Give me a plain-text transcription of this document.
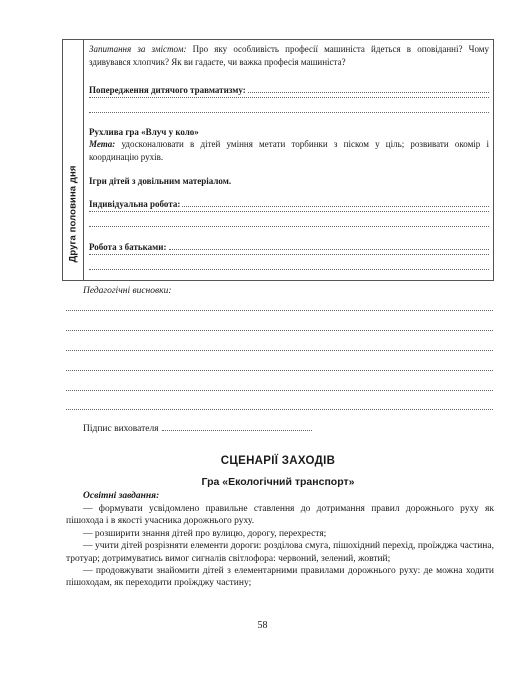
Друга половина дня
Запитання за змістом: Про яку особливість професії машиніста йдеться в оповіданні? Чому здивувався хлопчик? Як ви гадаєте, чи важка професія машиніста?
Попередження дитячого травматизму:
Рухлива гра «Влуч у коло»
Мета: удосконалювати в дітей уміння метати торбинки з піском у ціль; розвивати окомір і координацію рухів.
Ігри дітей з довільним матеріалом.
Індивідуальна робота:
Робота з батьками:
Педагогічні висновки:
Підпис вихователя
СЦЕНАРІЇ ЗАХОДІВ
Гра «Екологічний транспорт»
Освітні завдання:

— формувати усвідомлено правильне ставлення до дотримання правил дорожнього руху як пішохода і в якості учасника дорожнього руху.

— розширити знання дітей про вулицю, дорогу, перехрестя;

— учити дітей розрізняти елементи дороги: розділова смуга, пішохідний перехід, проїжджа частина, тротуар; дотримуватись вимог сигналів світлофора: червоний, зелений, жовтий;

— продовжувати знайомити дітей з елементарними правилами дорожнього руху: де можна ходити пішоходам, як переходити проїжджу частину;

58
